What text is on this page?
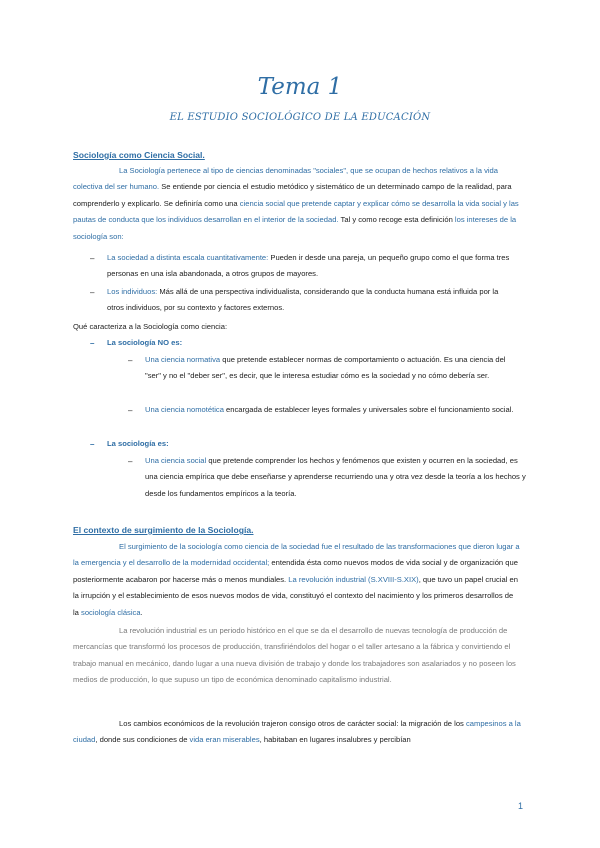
Tema 1
EL ESTUDIO SOCIOLÓGICO DE LA EDUCACIÓN
Sociología como Ciencia Social.
La Sociología pertenece al tipo de ciencias denominadas "sociales", que se ocupan de hechos relativos a la vida colectiva del ser humano. Se entiende por ciencia el estudio metódico y sistemático de un determinado campo de la realidad, para comprenderlo y explicarlo. Se definiría como una ciencia social que pretende captar y explicar cómo se desarrolla la vida social y las pautas de conducta que los individuos desarrollan en el interior de la sociedad. Tal y como recoge esta definición los intereses de la sociología son:
– La sociedad a distinta escala cuantitativamente: Pueden ir desde una pareja, un pequeño grupo como el que forma tres personas en una isla abandonada, a otros grupos de mayores.
– Los individuos: Más allá de una perspectiva individualista, considerando que la conducta humana está influida por la otros individuos, por su contexto y factores externos.
Qué caracteriza a la Sociología como ciencia:
– La sociología NO es:
– Una ciencia normativa que pretende establecer normas de comportamiento o actuación. Es una ciencia del "ser" y no el "deber ser", es decir, que le interesa estudiar cómo es la sociedad y no cómo debería ser.
– Una ciencia nomotética encargada de establecer leyes formales y universales sobre el funcionamiento social.
– La sociología es:
– Una ciencia social que pretende comprender los hechos y fenómenos que existen y ocurren en la sociedad, es una ciencia empírica que debe enseñarse y aprenderse recurriendo una y otra vez desde la teoría a los hechos y desde los fundamentos empíricos a la teoría.
El contexto de surgimiento de la Sociología.
El surgimiento de la sociología como ciencia de la sociedad fue el resultado de las transformaciones que dieron lugar a la emergencia y el desarrollo de la modernidad occidental; entendida ésta como nuevos modos de vida social y de organización que posteriormente acabaron por hacerse más o menos mundiales. La revolución industrial (S.XVIII-S.XIX), que tuvo un papel crucial en la irrupción y el establecimiento de esos nuevos modos de vida, constituyó el contexto del nacimiento y los primeros desarrollos de la sociología clásica.
La revolución industrial es un periodo histórico en el que se da el desarrollo de nuevas tecnología de producción de mercancías que transformó los procesos de producción, transfiriéndolos del hogar o el taller artesano a la fábrica y convirtiendo el trabajo manual en mecánico, dando lugar a una nueva división de trabajo y donde los trabajadores son asalariados y no poseen los medios de producción, lo que supuso un tipo de económica denominado capitalismo industrial.
Los cambios económicos de la revolución trajeron consigo otros de carácter social: la migración de los campesinos a la ciudad, donde sus condiciones de vida eran miserables, habitaban en lugares insalubres y percibían
1
